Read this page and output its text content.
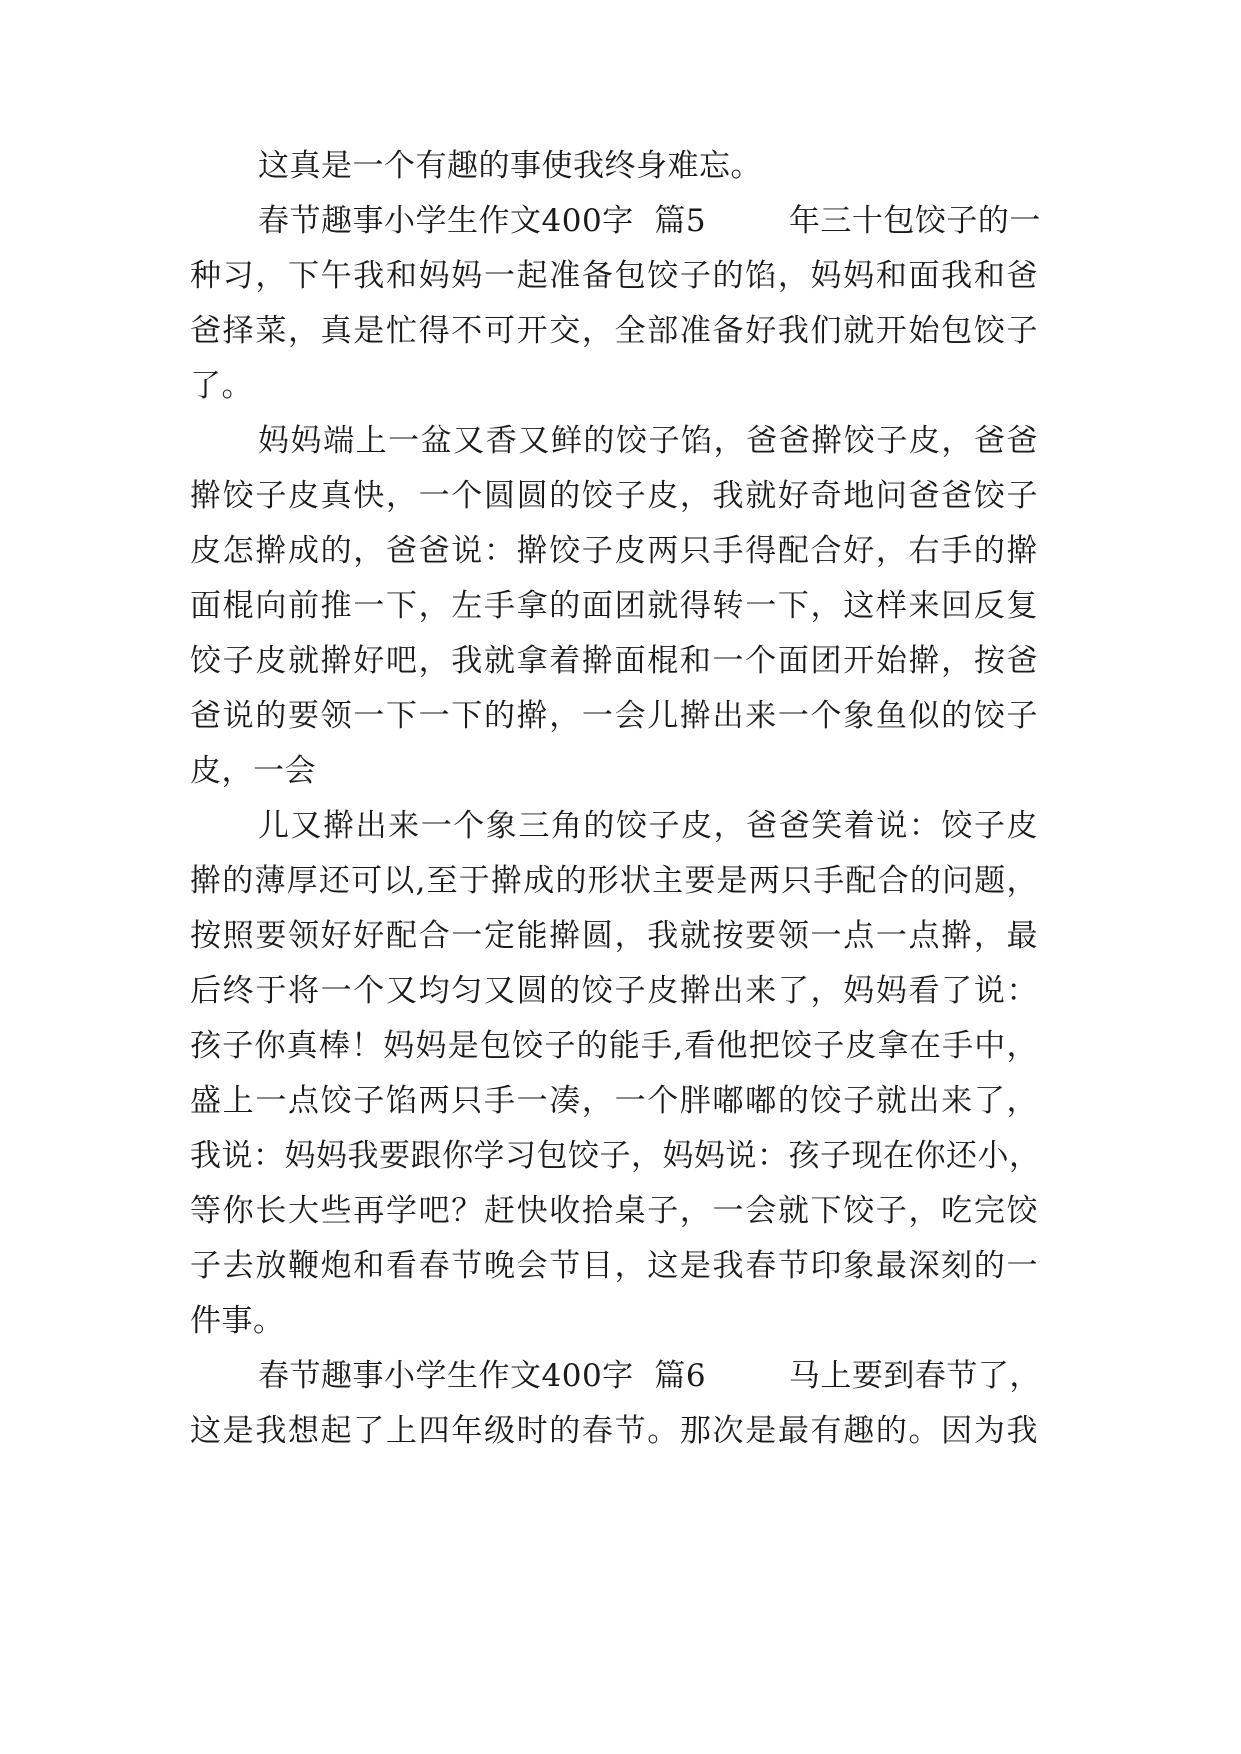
这真是一个有趣的事使我终身难忘。
春节趣事小学生作文400字  篇5        年三十包饺子的一
种习，下午我和妈妈一起准备包饺子的馅，妈妈和面我和爸
爸择菜，真是忙得不可开交，全部准备好我们就开始包饺子
了。
妈妈端上一盆又香又鲜的饺子馅，爸爸擀饺子皮，爸爸
擀饺子皮真快，一个圆圆的饺子皮，我就好奇地问爸爸饺子
皮怎擀成的，爸爸说：擀饺子皮两只手得配合好，右手的擀
面棍向前推一下，左手拿的面团就得转一下，这样来回反复
饺子皮就擀好吧，我就拿着擀面棍和一个面团开始擀，按爸
爸说的要领一下一下的擀，一会儿擀出来一个象鱼似的饺子
皮，一会
儿又擀出来一个象三角的饺子皮，爸爸笑着说：饺子皮
擀的薄厚还可以,至于擀成的形状主要是两只手配合的问题，
按照要领好好配合一定能擀圆，我就按要领一点一点擀，最
后终于将一个又均匀又圆的饺子皮擀出来了，妈妈看了说：
孩子你真棒！妈妈是包饺子的能手,看他把饺子皮拿在手中，
盛上一点饺子馅两只手一凑，一个胖嘟嘟的饺子就出来了，
我说：妈妈我要跟你学习包饺子，妈妈说：孩子现在你还小，
等你长大些再学吧？赶快收拾桌子，一会就下饺子，吃完饺
子去放鞭炮和看春节晚会节目，这是我春节印象最深刻的一
件事。
春节趣事小学生作文400字  篇6        马上要到春节了，
这是我想起了上四年级时的春节。那次是最有趣的。因为我
